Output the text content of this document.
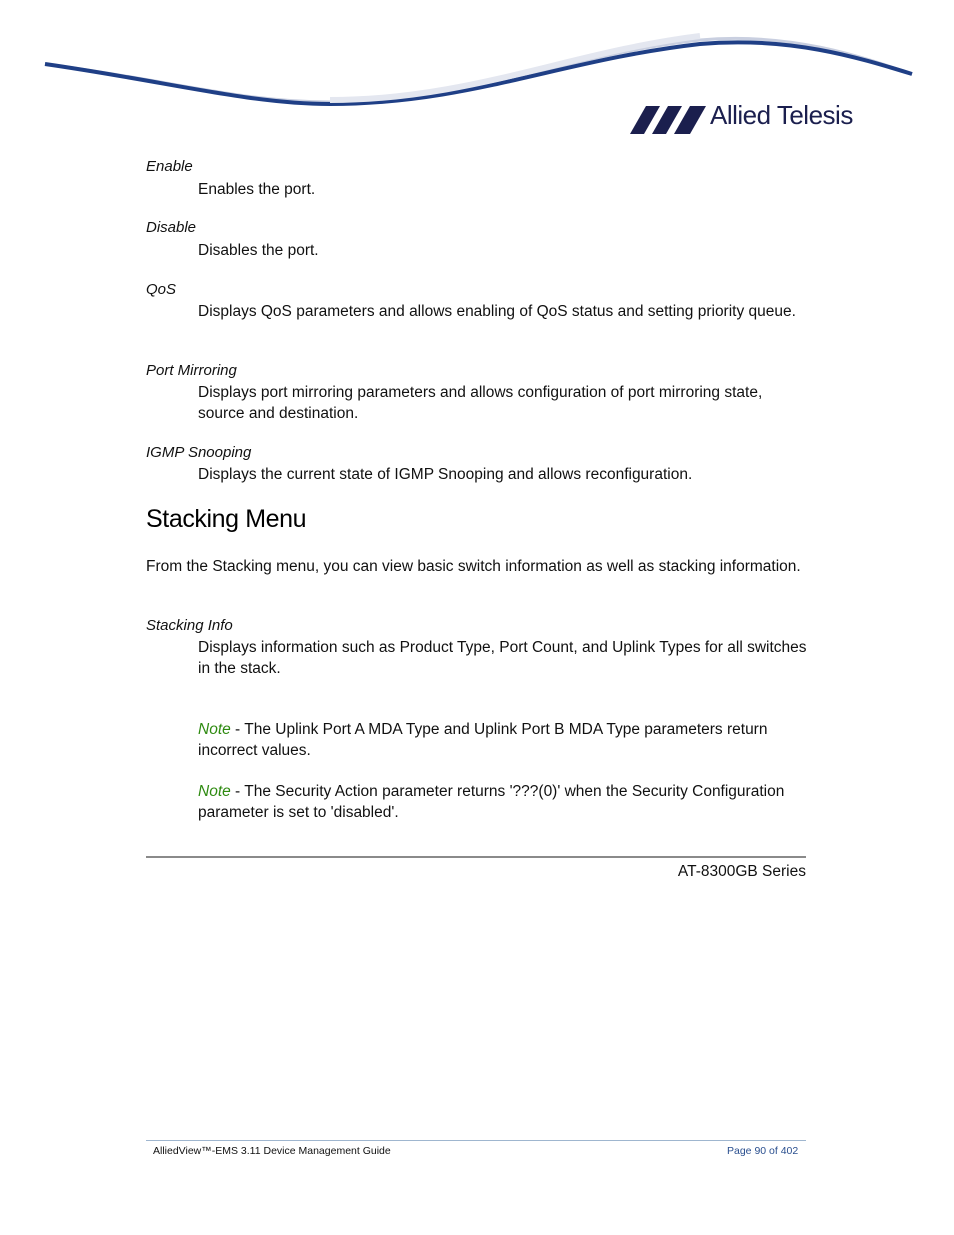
Allied Telesis
Enable
Enables the port.
Disable
Disables the port.
QoS
Displays QoS parameters and allows enabling of QoS status and setting priority queue.
Port Mirroring
Displays port mirroring parameters and allows configuration of port mirroring state, source and destination.
IGMP Snooping
Displays the current state of IGMP Snooping and allows reconfiguration.
Stacking Menu
From the Stacking menu, you can view basic switch information as well as stacking information.
Stacking Info
Displays information such as Product Type, Port Count, and Uplink Types for all switches in the stack.
Note - The Uplink Port A MDA Type and Uplink Port B MDA Type parameters return incorrect values.
Note - The Security Action parameter returns '???(0)' when the Security Configuration parameter is set to 'disabled'.
AT-8300GB Series
AlliedView™-EMS 3.11 Device Management Guide	Page 90 of 402
